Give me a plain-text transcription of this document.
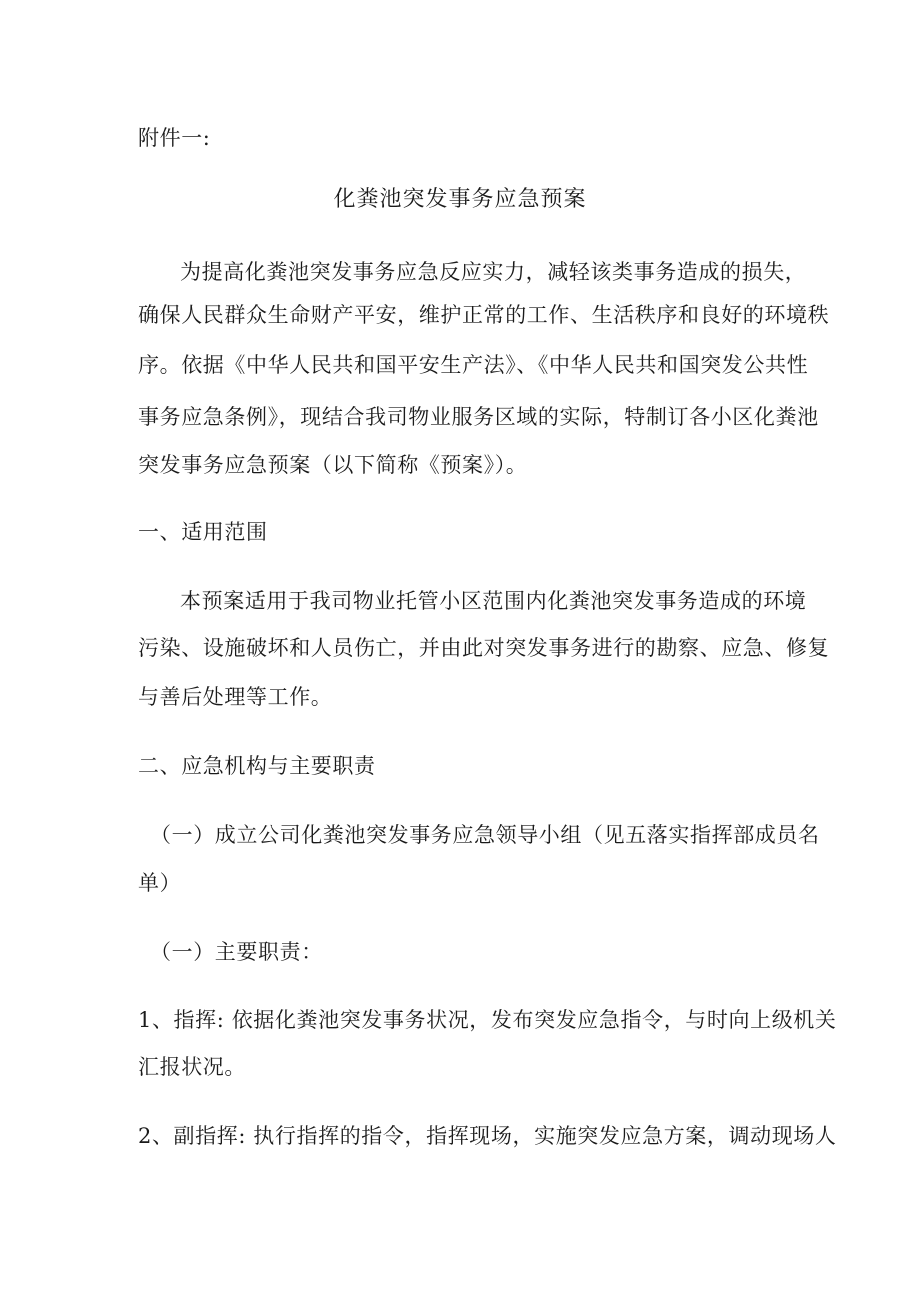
附件一:
化粪池突发事务应急预案
为提高化粪池突发事务应急反应实力，减轻该类事务造成的损失，
确保人民群众生命财产平安，维护正常的工作、生活秩序和良好的环境秩
序。依据《中华人民共和国平安生产法》、《中华人民共和国突发公共性
事务应急条例》，现结合我司物业服务区域的实际，特制订各小区化粪池
突发事务应急预案（以下简称《预案》）。
一、适用范围
本预案适用于我司物业托管小区范围内化粪池突发事务造成的环境
污染、设施破坏和人员伤亡，并由此对突发事务进行的勘察、应急、修复
与善后处理等工作。
二、应急机构与主要职责
（一）成立公司化粪池突发事务应急领导小组（见五落实指挥部成员名
单）
（一）主要职责：
1、指挥: 依据化粪池突发事务状况，发布突发应急指令，与时向上级机关
汇报状况。
2、副指挥: 执行指挥的指令，指挥现场，实施突发应急方案，调动现场人
